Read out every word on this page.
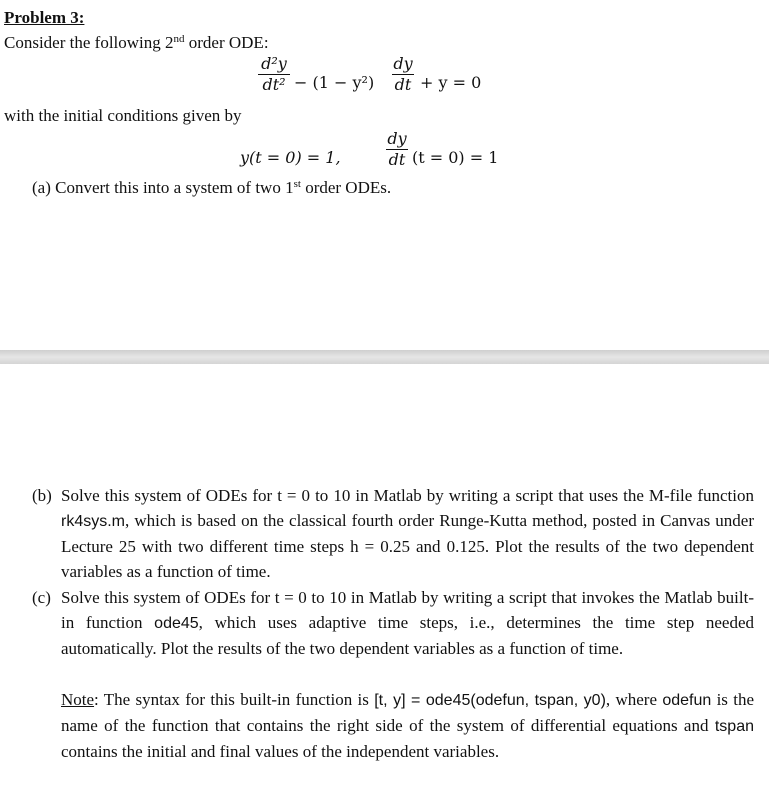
Problem 3:
Consider the following 2nd order ODE:
d²y
dt² − (1 − y²)
dy
dt + y = 0
with the initial conditions given by
y(t = 0) = 1,
dy
dt (t = 0) = 1
(a) Convert this into a system of two 1st order ODEs.
(b) Solve this system of ODEs for t = 0 to 10 in Matlab by writing a script that uses the M-file function rk4sys.m, which is based on the classical fourth order Runge-Kutta method, posted in Canvas under Lecture 25 with two different time steps h = 0.25 and 0.125. Plot the results of the two dependent variables as a function of time.
(c) Solve this system of ODEs for t = 0 to 10 in Matlab by writing a script that invokes the Matlab built-in function ode45, which uses adaptive time steps, i.e., determines the time step needed automatically. Plot the results of the two dependent variables as a function of time.
Note: The syntax for this built-in function is [t, y] = ode45(odefun, tspan, y0), where odefun is the name of the function that contains the right side of the system of differential equations and tspan contains the initial and final values of the independent variables.
